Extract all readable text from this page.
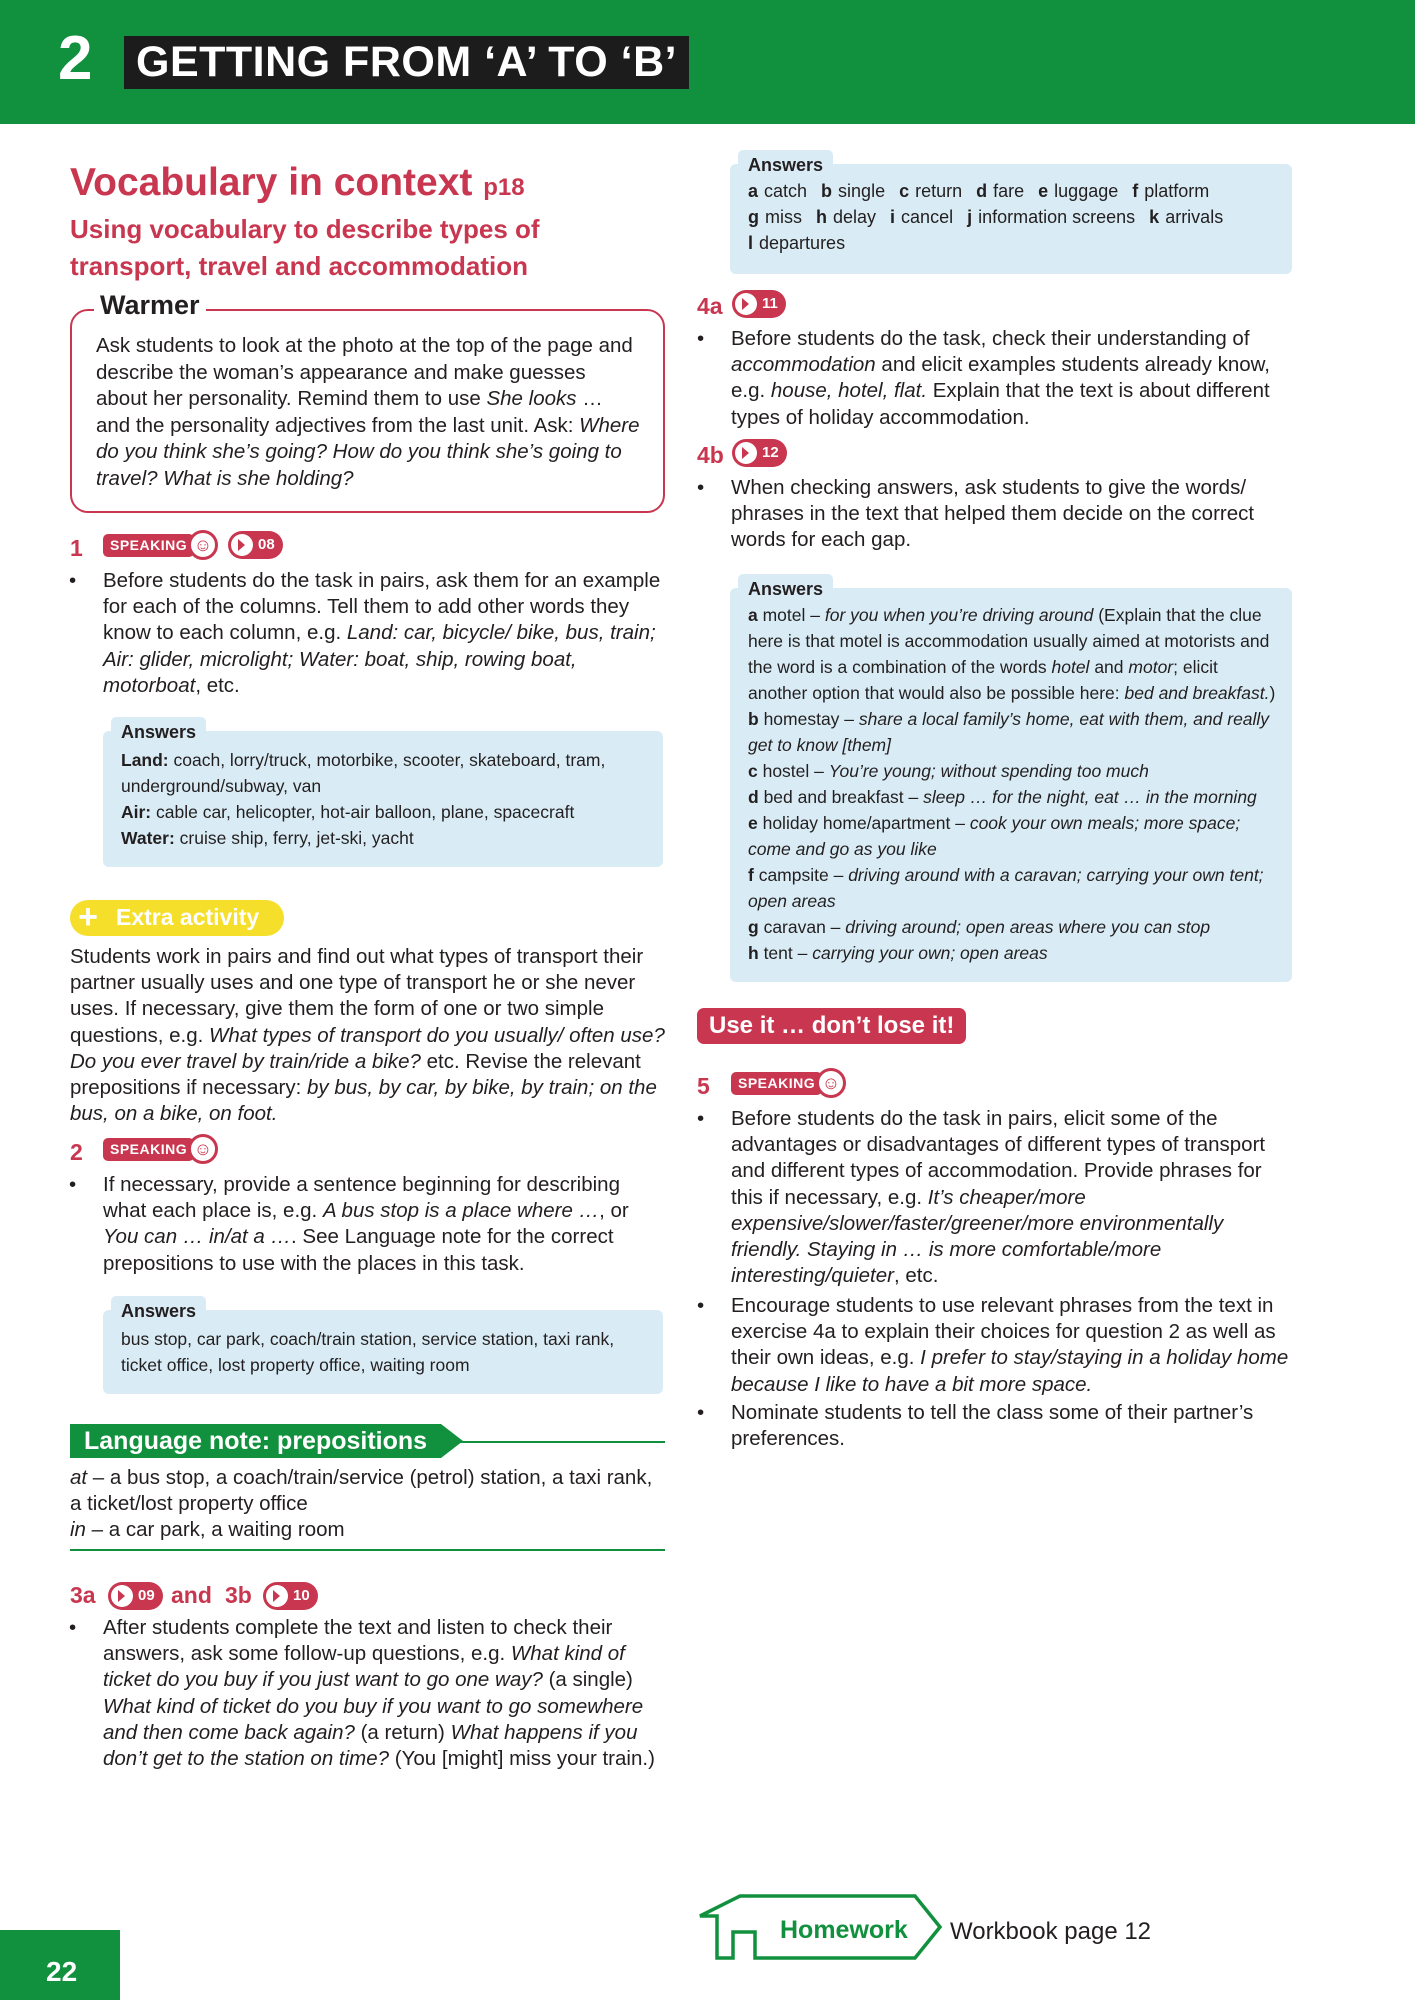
2 GETTING FROM ‘A’ TO ‘B’
Vocabulary in context p18
Using vocabulary to describe types of transport, travel and accommodation
Warmer
Ask students to look at the photo at the top of the page and describe the woman’s appearance and make guesses about her personality. Remind them to use She looks … and the personality adjectives from the last unit. Ask: Where do you think she’s going? How do you think she’s going to travel? What is she holding?
1	SPEAKING ☺	08
• Before students do the task in pairs, ask them for an example for each of the columns. Tell them to add other words they know to each column, e.g. Land: car, bicycle/ bike, bus, train; Air: glider, microlight; Water: boat, ship, rowing boat, motorboat, etc.
Answers
Land: coach, lorry/truck, motorbike, scooter, skateboard, tram, underground/subway, van
Air: cable car, helicopter, hot-air balloon, plane, spacecraft
Water: cruise ship, ferry, jet-ski, yacht
+ Extra activity
Students work in pairs and find out what types of transport their partner usually uses and one type of transport he or she never uses. If necessary, give them the form of one or two simple questions, e.g. What types of transport do you usually/ often use? Do you ever travel by train/ride a bike? etc. Revise the relevant prepositions if necessary: by bus, by car, by bike, by train; on the bus, on a bike, on foot.
2	SPEAKING ☺
• If necessary, provide a sentence beginning for describing what each place is, e.g. A bus stop is a place where …, or You can … in/at a …. See Language note for the correct prepositions to use with the places in this task.
Answers
bus stop, car park, coach/train station, service station, taxi rank, ticket office, lost property office, waiting room
Language note: prepositions
at – a bus stop, a coach/train/service (petrol) station, a taxi rank, a ticket/lost property office
in – a car park, a waiting room
3a	09 and 3b	10
• After students complete the text and listen to check their answers, ask some follow-up questions, e.g. What kind of ticket do you buy if you just want to go one way? (a single) What kind of ticket do you buy if you want to go somewhere and then come back again? (a return) What happens if you don’t get to the station on time? (You [might] miss your train.)
Answers
a catch b single c return d fare e luggage f platform
g miss h delay i cancel j information screens k arrivals
l departures
4a	11
• Before students do the task, check their understanding of accommodation and elicit examples students already know, e.g. house, hotel, flat. Explain that the text is about different types of holiday accommodation.
4b	12
• When checking answers, ask students to give the words/ phrases in the text that helped them decide on the correct words for each gap.
Answers
a motel – for you when you’re driving around (Explain that the clue here is that motel is accommodation usually aimed at motorists and the word is a combination of the words hotel and motor; elicit another option that would also be possible here: bed and breakfast.)
b homestay – share a local family’s home, eat with them, and really get to know [them]
c hostel – You’re young; without spending too much
d bed and breakfast – sleep … for the night, eat … in the morning
e holiday home/apartment – cook your own meals; more space; come and go as you like
f campsite – driving around with a caravan; carrying your own tent; open areas
g caravan – driving around; open areas where you can stop
h tent – carrying your own; open areas
Use it … don’t lose it!
5	SPEAKING ☺
• Before students do the task in pairs, elicit some of the advantages or disadvantages of different types of transport and different types of accommodation. Provide phrases for this if necessary, e.g. It’s cheaper/more expensive/slower/faster/greener/more environmentally friendly. Staying in … is more comfortable/more interesting/quieter, etc.
• Encourage students to use relevant phrases from the text in exercise 4a to explain their choices for question 2 as well as their own ideas, e.g. I prefer to stay/staying in a holiday home because I like to have a bit more space.
• Nominate students to tell the class some of their partner’s preferences.
22
Homework Workbook page 12
